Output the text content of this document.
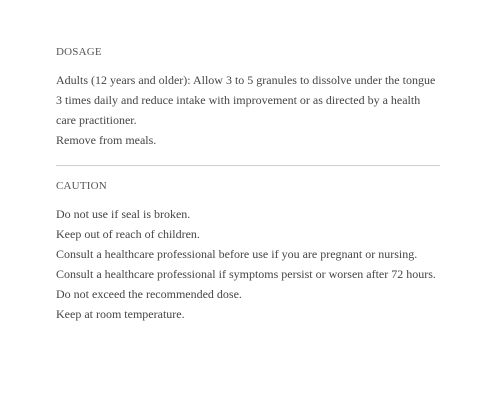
DOSAGE

Adults (12 years and older): Allow 3 to 5 granules to dissolve under the tongue 3 times daily and reduce intake with improvement or as directed by a health care practitioner.

Remove from meals.

CAUTION
Do not use if seal is broken.
Keep out of reach of children.
Consult a healthcare professional before use if you are pregnant or nursing.
Consult a healthcare professional if symptoms persist or worsen after 72 hours.
Do not exceed the recommended dose.
Keep at room temperature.
